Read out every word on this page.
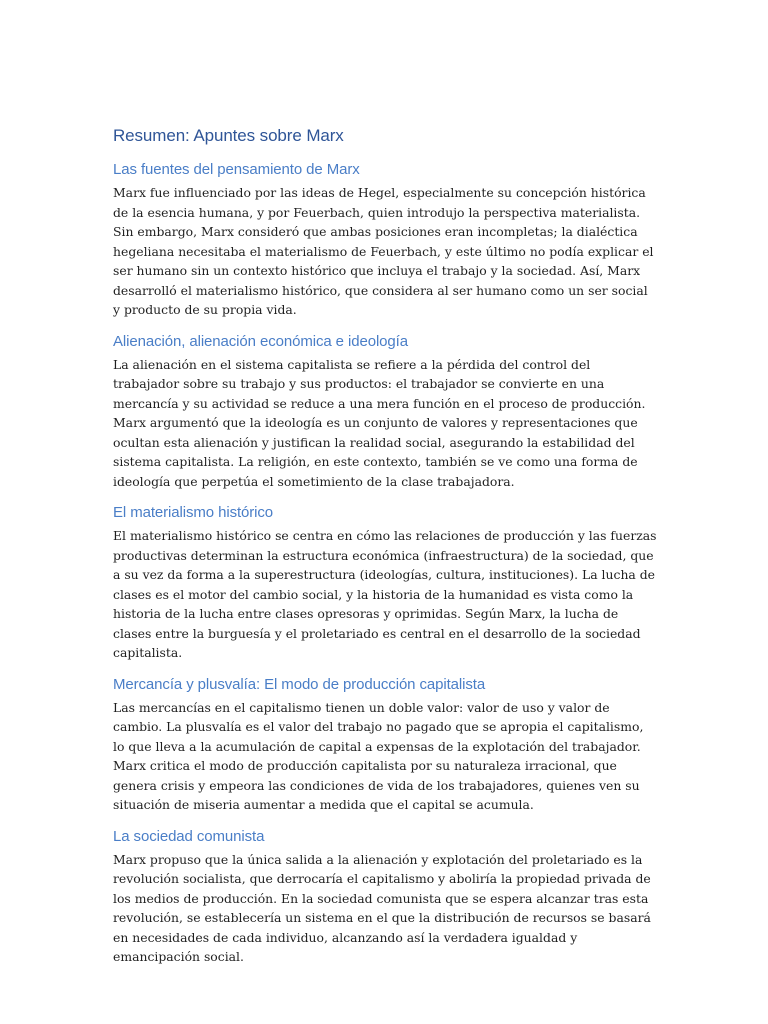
Resumen: Apuntes sobre Marx
Las fuentes del pensamiento de Marx

Marx fue influenciado por las ideas de Hegel, especialmente su concepción histórica de la esencia humana, y por Feuerbach, quien introdujo la perspectiva materialista. Sin embargo, Marx consideró que ambas posiciones eran incompletas; la dialéctica hegeliana necesitaba el materialismo de Feuerbach, y este último no podía explicar el ser humano sin un contexto histórico que incluya el trabajo y la sociedad. Así, Marx desarrolló el materialismo histórico, que considera al ser humano como un ser social y producto de su propia vida.

Alienación, alienación económica e ideología

La alienación en el sistema capitalista se refiere a la pérdida del control del trabajador sobre su trabajo y sus productos: el trabajador se convierte en una mercancía y su actividad se reduce a una mera función en el proceso de producción. Marx argumentó que la ideología es un conjunto de valores y representaciones que ocultan esta alienación y justifican la realidad social, asegurando la estabilidad del sistema capitalista. La religión, en este contexto, también se ve como una forma de ideología que perpetúa el sometimiento de la clase trabajadora.

El materialismo histórico

El materialismo histórico se centra en cómo las relaciones de producción y las fuerzas productivas determinan la estructura económica (infraestructura) de la sociedad, que a su vez da forma a la superestructura (ideologías, cultura, instituciones). La lucha de clases es el motor del cambio social, y la historia de la humanidad es vista como la historia de la lucha entre clases opresoras y oprimidas. Según Marx, la lucha de clases entre la burguesía y el proletariado es central en el desarrollo de la sociedad capitalista.

Mercancía y plusvalía: El modo de producción capitalista

Las mercancías en el capitalismo tienen un doble valor: valor de uso y valor de cambio. La plusvalía es el valor del trabajo no pagado que se apropia el capitalismo, lo que lleva a la acumulación de capital a expensas de la explotación del trabajador. Marx critica el modo de producción capitalista por su naturaleza irracional, que genera crisis y empeora las condiciones de vida de los trabajadores, quienes ven su situación de miseria aumentar a medida que el capital se acumula.

La sociedad comunista

Marx propuso que la única salida a la alienación y explotación del proletariado es la revolución socialista, que derrocaría el capitalismo y aboliría la propiedad privada de los medios de producción. En la sociedad comunista que se espera alcanzar tras esta revolución, se establecería un sistema en el que la distribución de recursos se basará en necesidades de cada individuo, alcanzando así la verdadera igualdad y emancipación social.
